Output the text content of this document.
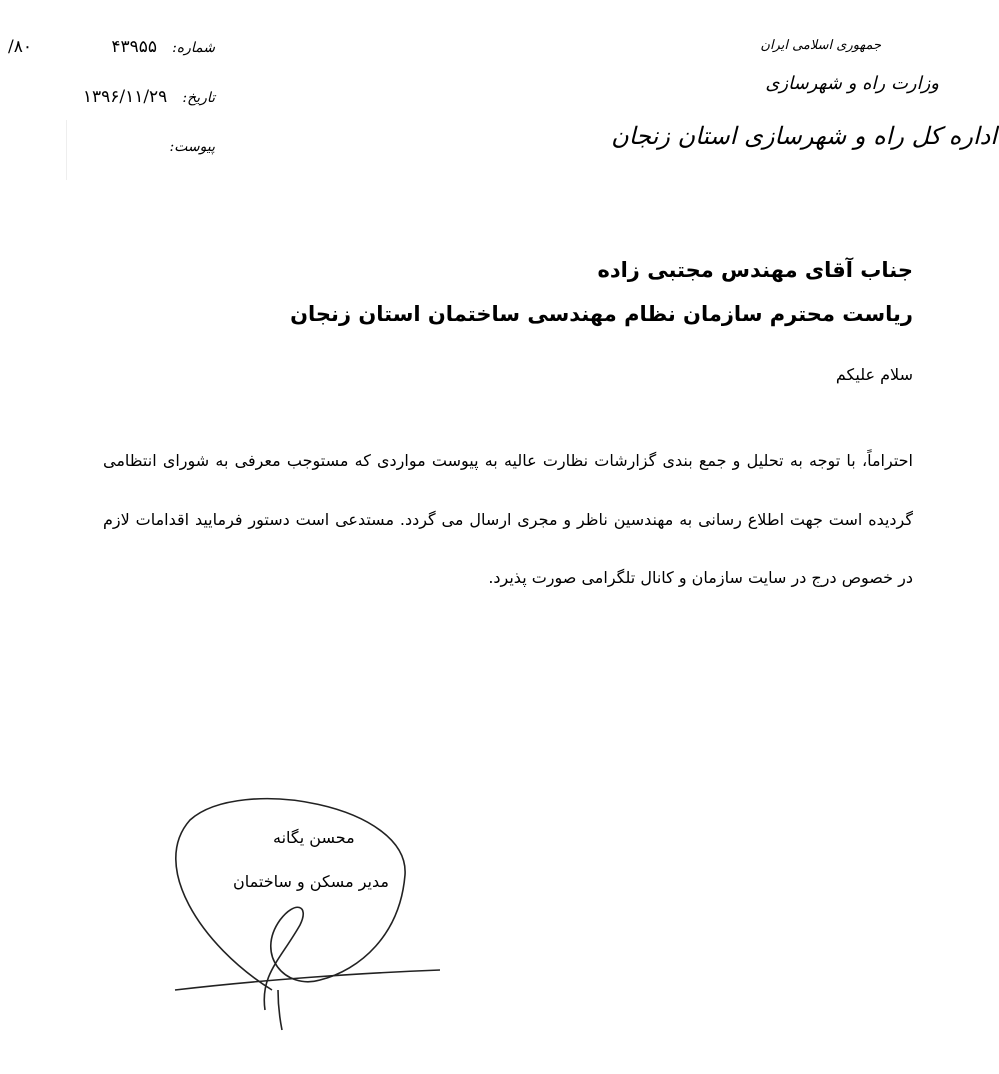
جمهوری اسلامی ایران
وزارت راه و شهرسازی
اداره کل راه و شهرسازی استان زنجان
۸۰/	شماره: ۴۳۹۵۵
تاریخ: ۱۳۹۶/۱۱/۲۹
پیوست:
جناب آقای مهندس مجتبی زاده
ریاست محترم سازمان نظام مهندسی ساختمان استان زنجان
سلام علیکم

احتراماً، با توجه به تحلیل و جمع بندی گزارشات نظارت عالیه به پیوست مواردی که مستوجب معرفی به شورای انتظامی گردیده است جهت اطلاع رسانی به مهندسین ناظر و مجری ارسال می گردد. مستدعی است دستور فرمایید اقدامات لازم در خصوص درج در سایت سازمان و کانال تلگرامی صورت پذیرد.

محسن یگانه
مدیر مسکن و ساختمان
